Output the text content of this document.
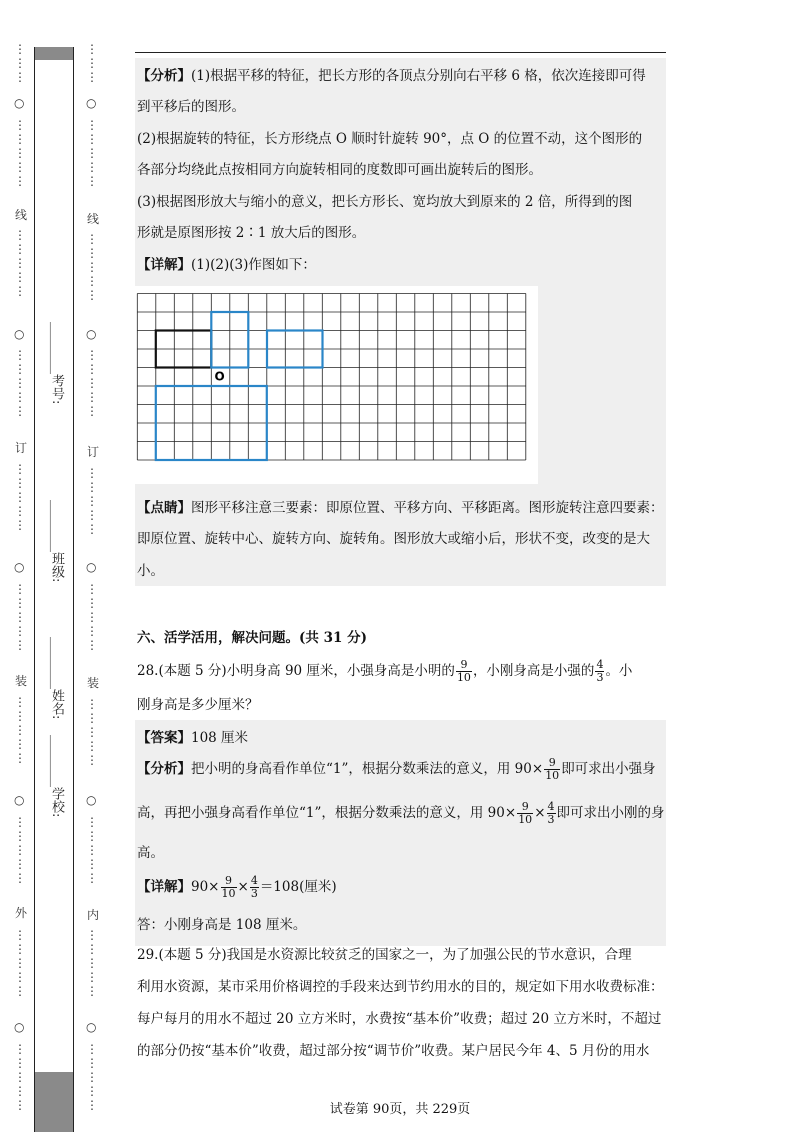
⋮
⋮
⋮
○
⋮
⋮
⋮
⋮
⋮
线
⋮
⋮
⋮
⋮
⋮
○
⋮
⋮
⋮
⋮
⋮
订
⋮
⋮
⋮
⋮
⋮
○
⋮
⋮
⋮
⋮
⋮
装
⋮
⋮
⋮
⋮
⋮
○
⋮
⋮
⋮
⋮
⋮
外
⋮
⋮
⋮
⋮
⋮
○
⋮
⋮
⋮
⋮
⋮
________考号:
________班级:
________姓名:
________学校:
⋮
⋮
⋮
○
⋮
⋮
⋮
⋮
⋮
线
⋮
⋮
⋮
⋮
⋮
○
⋮
⋮
⋮
⋮
⋮
订
⋮
⋮
⋮
⋮
⋮
○
⋮
⋮
⋮
⋮
⋮
装
⋮
⋮
⋮
⋮
⋮
○
⋮
⋮
⋮
⋮
⋮
内
⋮
⋮
⋮
⋮
⋮
○
⋮
⋮
⋮
⋮
⋮
【分析】(1)根据平移的特征，把长方形的各顶点分别向右平移 6 格，依次连接即可得
到平移后的图形。
(2)根据旋转的特征，长方形绕点 O 顺时针旋转 90°，点 O 的位置不动，这个图形的
各部分均绕此点按相同方向旋转相同的度数即可画出旋转后的图形。
(3)根据图形放大与缩小的意义，把长方形长、宽均放大到原来的 2 倍，所得到的图
形就是原图形按 2∶1 放大后的图形。
【详解】(1)(2)(3)作图如下：
O
【点睛】图形平移注意三要素：即原位置、平移方向、平移距离。图形旋转注意四要素：
即原位置、旋转中心、旋转方向、旋转角。图形放大或缩小后，形状不变，改变的是大
小。
六、活学活用，解决问题。(共 31 分)
28.(本题 5 分)小明身高 90 厘米，小强身高是小明的 $\frac{9}{10}$ ，小刚身高是小强的 $\frac{4}{3}$ 。小
刚身高是多少厘米？
【答案】108 厘米
【分析】把小明的身高看作单位“1”，根据分数乘法的意义，用 $90\times \frac{9}{10}$ 即可求出小强身
高，再把小强身高看作单位“1”，根据分数乘法的意义，用 $90\times \frac{9}{10} \times \frac{4}{3}$ 即可求出小刚的身
高。
【详解】$90\times \frac{9}{10} \times \frac{4}{3} =108$(厘米)
答：小刚身高是 108 厘米。
29.(本题 5 分)我国是水资源比较贫乏的国家之一，为了加强公民的节水意识，合理
利用水资源，某市采用价格调控的手段来达到节约用水的目的，规定如下用水收费标准：
每户每月的用水不超过 20 立方米时，水费按“基本价”收费；超过 20 立方米时，不超过
的部分仍按“基本价”收费，超过部分按“调节价”收费。某户居民今年 4、5 月份的用水
试卷第 90页，共 229页
